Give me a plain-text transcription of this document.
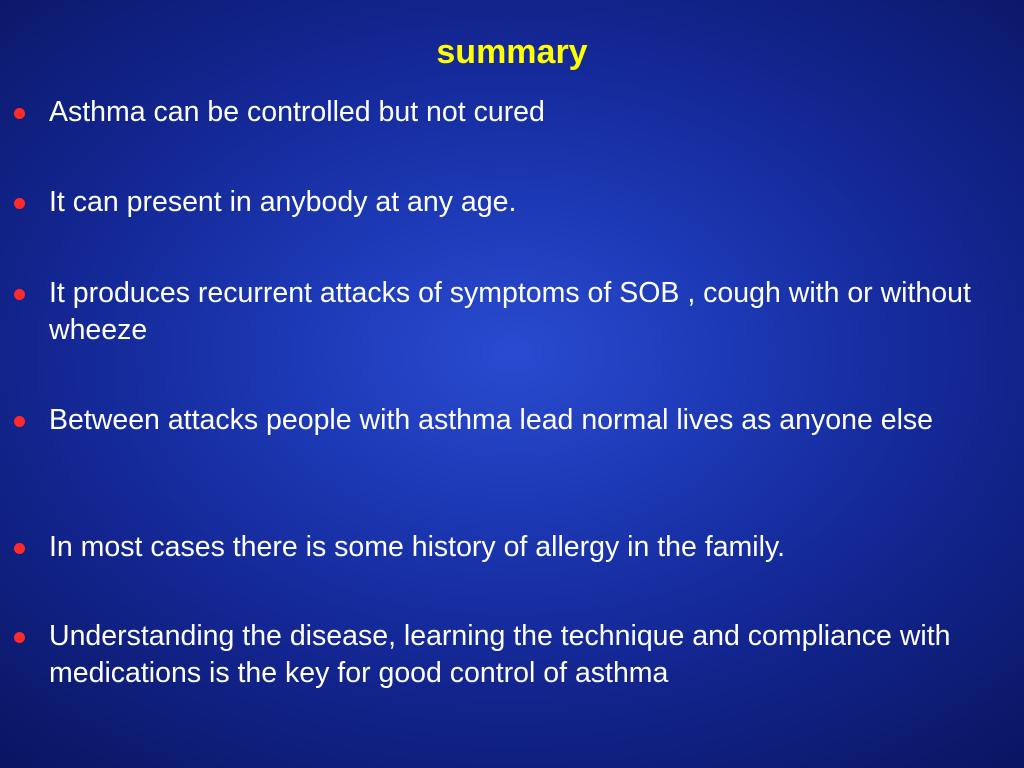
summary

Asthma can be controlled but not cured

It can present in anybody at any age.

It produces recurrent attacks of symptoms of SOB , cough with or without wheeze

Between attacks people with asthma lead normal lives as anyone else

In most cases there is some history of allergy in the family.

Understanding the disease, learning the technique and compliance with medications is the key for good control of asthma
